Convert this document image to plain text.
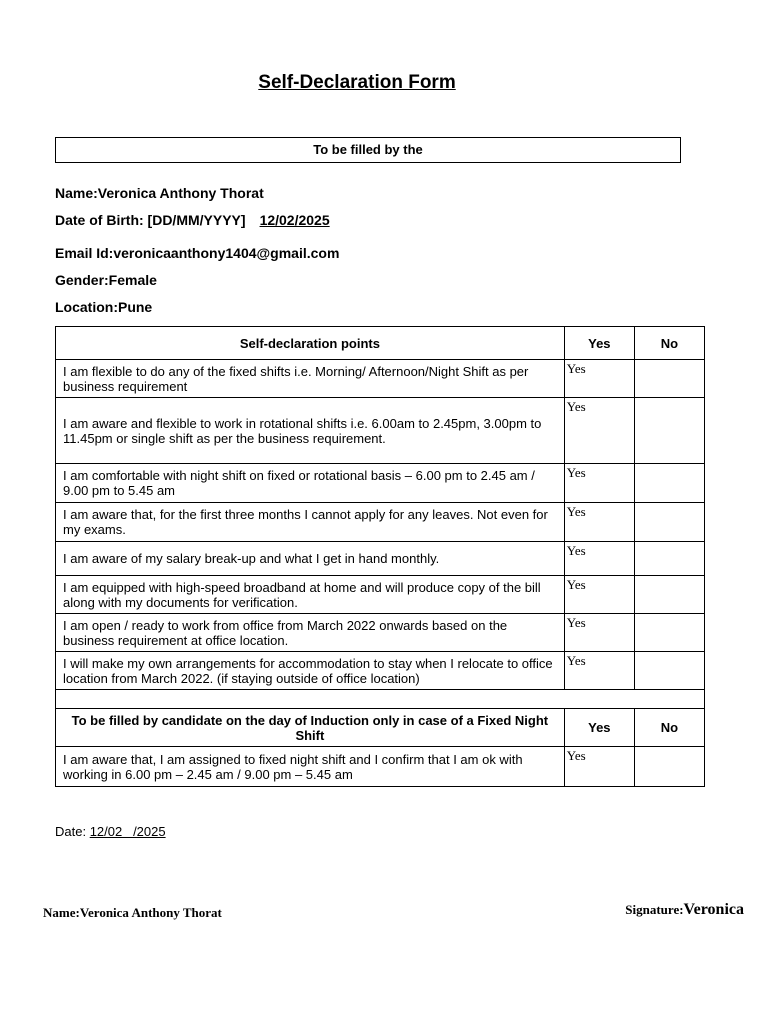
Self-Declaration Form
To be filled by the
Name:Veronica Anthony Thorat
Date of Birth: [DD/MM/YYYY] 12/02/2025
Email Id:veronicaanthony1404@gmail.com
Gender:Female
Location:Pune
Self-declaration points	Yes	No
I am flexible to do any of the fixed shifts i.e. Morning/ Afternoon/Night Shift as per business requirement	Yes	
I am aware and flexible to work in rotational shifts i.e. 6.00am to 2.45pm, 3.00pm to 11.45pm or single shift as per the business requirement.	Yes	
I am comfortable with night shift on fixed or rotational basis – 6.00 pm to 2.45 am / 9.00 pm to 5.45 am	Yes	
I am aware that, for the first three months I cannot apply for any leaves. Not even for my exams.	Yes	
I am aware of my salary break-up and what I get in hand monthly.	Yes	
I am equipped with high-speed broadband at home and will produce copy of the bill along with my documents for verification.	Yes	
I am open / ready to work from office from March 2022 onwards based on the business requirement at office location.	Yes	
I will make my own arrangements for accommodation to stay when I relocate to office location from March 2022. (if staying outside of office location)	Yes	

To be filled by candidate on the day of Induction only in case of a Fixed Night Shift	Yes	No
I am aware that, I am assigned to fixed night shift and I confirm that I am ok with working in 6.00 pm – 2.45 am / 9.00 pm – 5.45 am	Yes	
Date: 12/02   /2025
Name:Veronica Anthony Thorat	Signature:Veronica
